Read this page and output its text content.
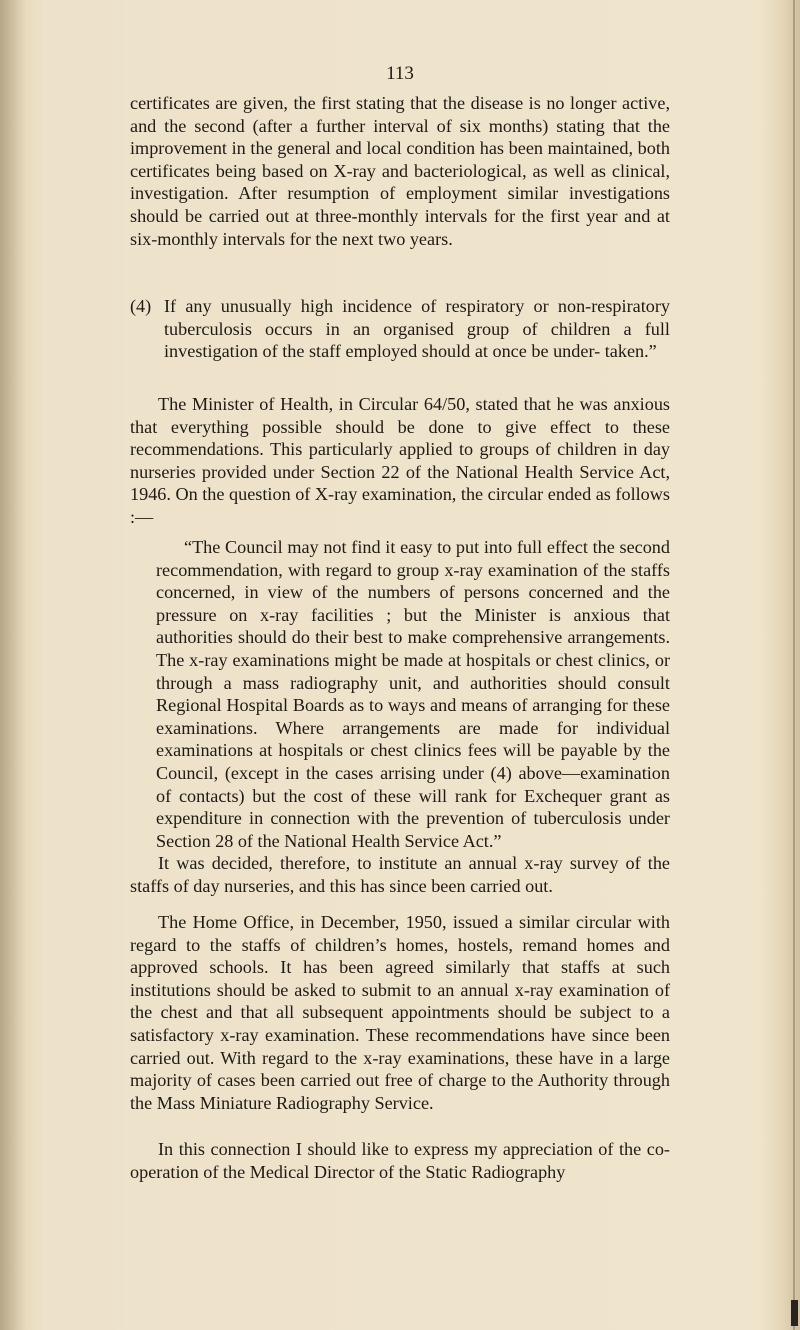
113

certificates are given, the first stating that the disease is no longer active, and the second (after a further interval of six months) stating that the improvement in the general and local condition has been maintained, both certificates being based on X-ray and bacteriological, as well as clinical, investigation. After resumption of employment similar investigations should be carried out at three-monthly intervals for the first year and at six-monthly intervals for the next two years.

(4) If any unusually high incidence of respiratory or non-respiratory tuberculosis occurs in an organised group of children a full investigation of the staff employed should at once be under- taken.”

The Minister of Health, in Circular 64/50, stated that he was anxious that everything possible should be done to give effect to these recommendations. This particularly applied to groups of children in day nurseries provided under Section 22 of the National Health Service Act, 1946. On the question of X-ray examination, the circular ended as follows :—

“The Council may not find it easy to put into full effect the second recommendation, with regard to group x-ray examination of the staffs concerned, in view of the numbers of persons concerned and the pressure on x-ray facilities ; but the Minister is anxious that authorities should do their best to make comprehensive arrangements. The x-ray examinations might be made at hospitals or chest clinics, or through a mass radiography unit, and authorities should consult Regional Hospital Boards as to ways and means of arranging for these examinations. Where arrangements are made for individual examinations at hospitals or chest clinics fees will be payable by the Council, (except in the cases arrising under (4) above—examination of contacts) but the cost of these will rank for Exchequer grant as expenditure in connection with the prevention of tuberculosis under Section 28 of the National Health Service Act.”

It was decided, therefore, to institute an annual x-ray survey of the staffs of day nurseries, and this has since been carried out.

The Home Office, in December, 1950, issued a similar circular with regard to the staffs of children’s homes, hostels, remand homes and approved schools. It has been agreed similarly that staffs at such institutions should be asked to submit to an annual x-ray examination of the chest and that all subsequent appointments should be subject to a satisfactory x-ray examination. These recommendations have since been carried out. With regard to the x-ray examinations, these have in a large majority of cases been carried out free of charge to the Authority through the Mass Miniature Radiography Service.

In this connection I should like to express my appreciation of the co-operation of the Medical Director of the Static Radiography
